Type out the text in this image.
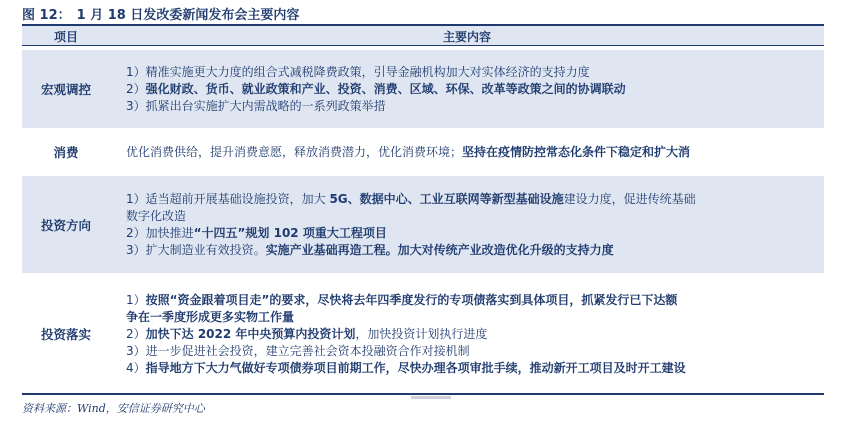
图 12： 1 月 18 日发改委新闻发布会主要内容
项目	主要内容
宏观调控
1）精准实施更大力度的组合式减税降费政策，引导金融机构加大对实体经济的支持力度
2）强化财政、货币、就业政策和产业、投资、消费、区域、环保、改革等政策之间的协调联动
3）抓紧出台实施扩大内需战略的一系列政策举措
消费	优化消费供给，提升消费意愿，释放消费潜力，优化消费环境；坚持在疫情防控常态化条件下稳定和扩大消
投资方向
1）适当超前开展基础设施投资，加大 5G、数据中心、工业互联网等新型基础设施建设力度，促进传统基础
数字化改造
2）加快推进“十四五”规划 102 项重大工程项目
3）扩大制造业有效投资。实施产业基础再造工程。加大对传统产业改造优化升级的支持力度
投资落实
1）按照“资金跟着项目走”的要求，尽快将去年四季度发行的专项债落实到具体项目，抓紧发行已下达额
争在一季度形成更多实物工作量
2）加快下达 2022 年中央预算内投资计划，加快投资计划执行进度
3）进一步促进社会投资，建立完善社会资本投融资合作对接机制
4）指导地方下大力气做好专项债券项目前期工作，尽快办理各项审批手续，推动新开工项目及时开工建设
资料来源：Wind，安信证券研究中心
